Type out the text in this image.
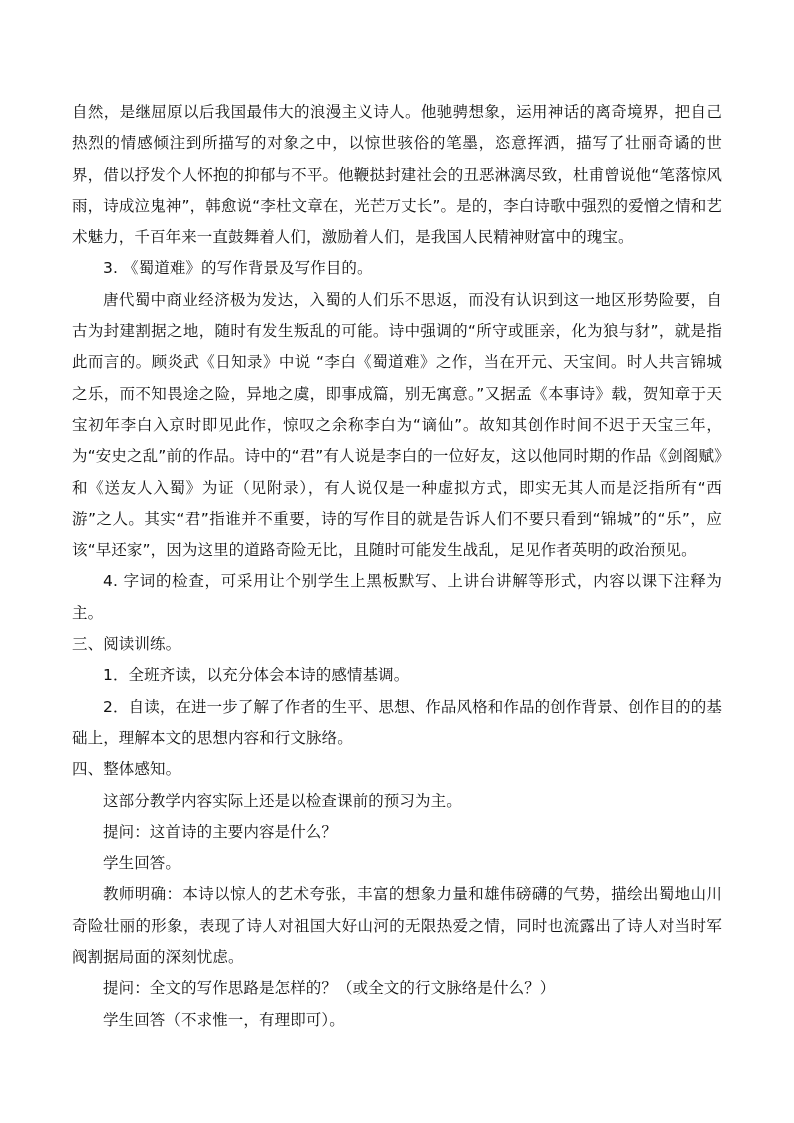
自然，是继屈原以后我国最伟大的浪漫主义诗人。他驰骋想象，运用神话的离奇境界，把自己热烈的情感倾注到所描写的对象之中，以惊世骇俗的笔墨，恣意挥洒，描写了壮丽奇谲的世界，借以抒发个人怀抱的抑郁与不平。他鞭挞封建社会的丑恶淋漓尽致，杜甫曾说他“笔落惊风雨，诗成泣鬼神”，韩愈说“李杜文章在，光芒万丈长”。是的，李白诗歌中强烈的爱憎之情和艺术魅力，千百年来一直鼓舞着人们，激励着人们，是我国人民精神财富中的瑰宝。

3. 《蜀道难》的写作背景及写作目的。

唐代蜀中商业经济极为发达，入蜀的人们乐不思返，而没有认识到这一地区形势险要，自古为封建割据之地，随时有发生叛乱的可能。诗中强调的“所守或匪亲，化为狼与豺”，就是指此而言的。顾炎武《日知录》中说 “李白《蜀道难》之作，当在开元、天宝间。时人共言锦城之乐，而不知畏途之险，异地之虞，即事成篇，别无寓意。”又据孟《本事诗》载，贺知章于天宝初年李白入京时即见此作，惊叹之余称李白为“谪仙”。故知其创作时间不迟于天宝三年，为“安史之乱”前的作品。诗中的“君”有人说是李白的一位好友，这以他同时期的作品《剑阁赋》和《送友人入蜀》为证（见附录），有人说仅是一种虚拟方式，即实无其人而是泛指所有“西游”之人。其实“君”指谁并不重要，诗的写作目的就是告诉人们不要只看到“锦城”的“乐”，应该“早还家”，因为这里的道路奇险无比，且随时可能发生战乱，足见作者英明的政治预见。

4. 字词的检查，可采用让个别学生上黑板默写、上讲台讲解等形式，内容以课下注释为主。

三、阅读训练。

1．全班齐读，以充分体会本诗的感情基调。

2．自读，在进一步了解了作者的生平、思想、作品风格和作品的创作背景、创作目的的基础上，理解本文的思想内容和行文脉络。

四、整体感知。

这部分教学内容实际上还是以检查课前的预习为主。

提问：这首诗的主要内容是什么？

学生回答。

教师明确：本诗以惊人的艺术夸张，丰富的想象力量和雄伟磅礴的气势，描绘出蜀地山川奇险壮丽的形象，表现了诗人对祖国大好山河的无限热爱之情，同时也流露出了诗人对当时军阀割据局面的深刻忧虑。

提问：全文的写作思路是怎样的？（或全文的行文脉络是什么？）

学生回答（不求惟一，有理即可）。
